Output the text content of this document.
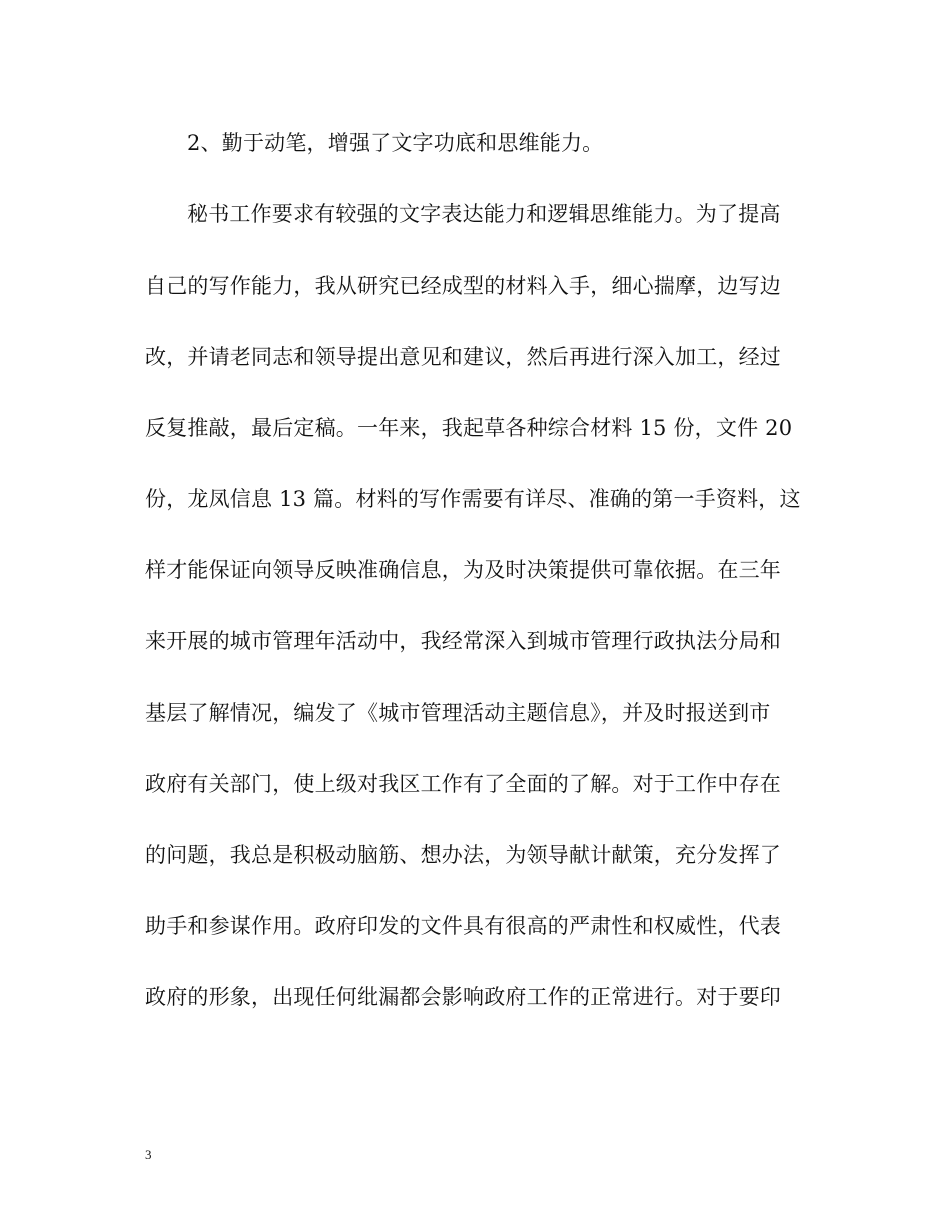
2、勤于动笔，增强了文字功底和思维能力。
秘书工作要求有较强的文字表达能力和逻辑思维能力。为了提高
自己的写作能力，我从研究已经成型的材料入手，细心揣摩，边写边
改，并请老同志和领导提出意见和建议，然后再进行深入加工，经过
反复推敲，最后定稿。一年来，我起草各种综合材料 15 份，文件 20
份，龙凤信息 13 篇。材料的写作需要有详尽、准确的第一手资料，这
样才能保证向领导反映准确信息，为及时决策提供可靠依据。在三年
来开展的城市管理年活动中，我经常深入到城市管理行政执法分局和
基层了解情况，编发了《城市管理活动主题信息》，并及时报送到市
政府有关部门，使上级对我区工作有了全面的了解。对于工作中存在
的问题，我总是积极动脑筋、想办法，为领导献计献策，充分发挥了
助手和参谋作用。政府印发的文件具有很高的严肃性和权威性，代表
政府的形象，出现任何纰漏都会影响政府工作的正常进行。对于要印
3
